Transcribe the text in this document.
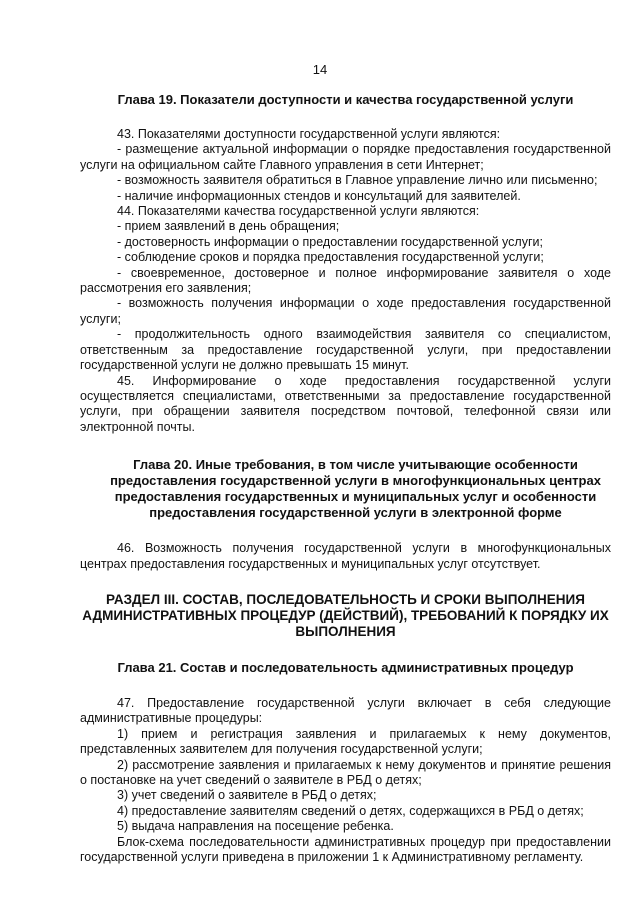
14
Глава 19. Показатели доступности и качества государственной услуги

43. Показателями доступности государственной услуги являются:

- размещение актуальной информации о порядке предоставления государственной услуги на официальном сайте Главного управления в сети Интернет;

- возможность заявителя обратиться в Главное управление лично или письменно;

- наличие информационных стендов и консультаций для заявителей.

44. Показателями качества государственной услуги являются:

- прием заявлений в день обращения;

- достоверность информации о предоставлении государственной услуги;

- соблюдение сроков и порядка предоставления государственной услуги;

- своевременное, достоверное и полное информирование заявителя о ходе рассмотрения его заявления;

- возможность получения информации о ходе предоставления государственной услуги;

- продолжительность одного взаимодействия заявителя со специалистом, ответственным за предоставление государственной услуги, при предоставлении государственной услуги не должно превышать 15 минут.

45. Информирование о ходе предоставления государственной услуги осуществляется специалистами, ответственными за предоставление государственной услуги, при обращении заявителя посредством почтовой, телефонной связи или электронной почты.

Глава 20. Иные требования, в том числе учитывающие особенности предоставления государственной услуги в многофункциональных центрах предоставления государственных и муниципальных услуг и особенности предоставления государственной услуги в электронной форме

46. Возможность получения государственной услуги в многофункциональных центрах предоставления государственных и муниципальных услуг отсутствует.

РАЗДЕЛ III. СОСТАВ, ПОСЛЕДОВАТЕЛЬНОСТЬ И СРОКИ ВЫПОЛНЕНИЯ АДМИНИСТРАТИВНЫХ ПРОЦЕДУР (ДЕЙСТВИЙ), ТРЕБОВАНИЙ К ПОРЯДКУ ИХ ВЫПОЛНЕНИЯ
Глава 21. Состав и последовательность административных процедур

47. Предоставление государственной услуги включает в себя следующие административные процедуры:

1) прием и регистрация заявления и прилагаемых к нему документов, представленных заявителем для получения государственной услуги;

2) рассмотрение заявления и прилагаемых к нему документов и принятие решения о постановке на учет сведений о заявителе в РБД о детях;

3) учет сведений о заявителе в РБД о детях;

4) предоставление заявителям сведений о детях, содержащихся в РБД о детях;

5) выдача направления на посещение ребенка.

Блок-схема последовательности административных процедур при предоставлении государственной услуги приведена в приложении 1 к Административному регламенту.
